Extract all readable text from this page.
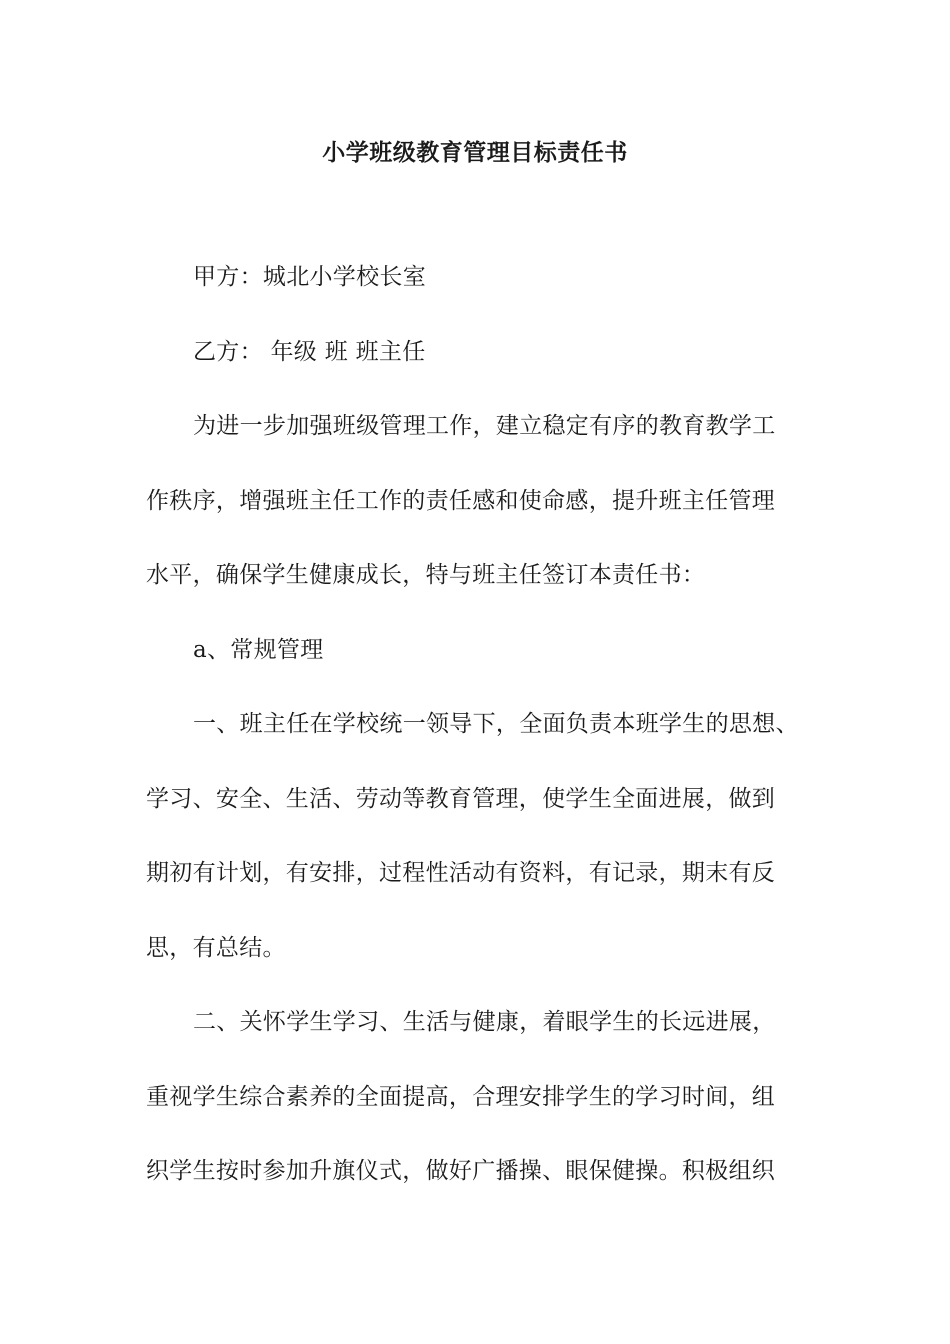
小学班级教育管理目标责任书
甲方：城北小学校长室
乙方： 年级 班 班主任
为进一步加强班级管理工作，建立稳定有序的教育教学工
作秩序，增强班主任工作的责任感和使命感，提升班主任管理
水平，确保学生健康成长，特与班主任签订本责任书：
a、常规管理
一、班主任在学校统一领导下，全面负责本班学生的思想、
学习、安全、生活、劳动等教育管理，使学生全面进展，做到
期初有计划，有安排，过程性活动有资料，有记录，期末有反
思，有总结。
二、关怀学生学习、生活与健康，着眼学生的长远进展，
重视学生综合素养的全面提高，合理安排学生的学习时间，组
织学生按时参加升旗仪式，做好广播操、眼保健操。积极组织
